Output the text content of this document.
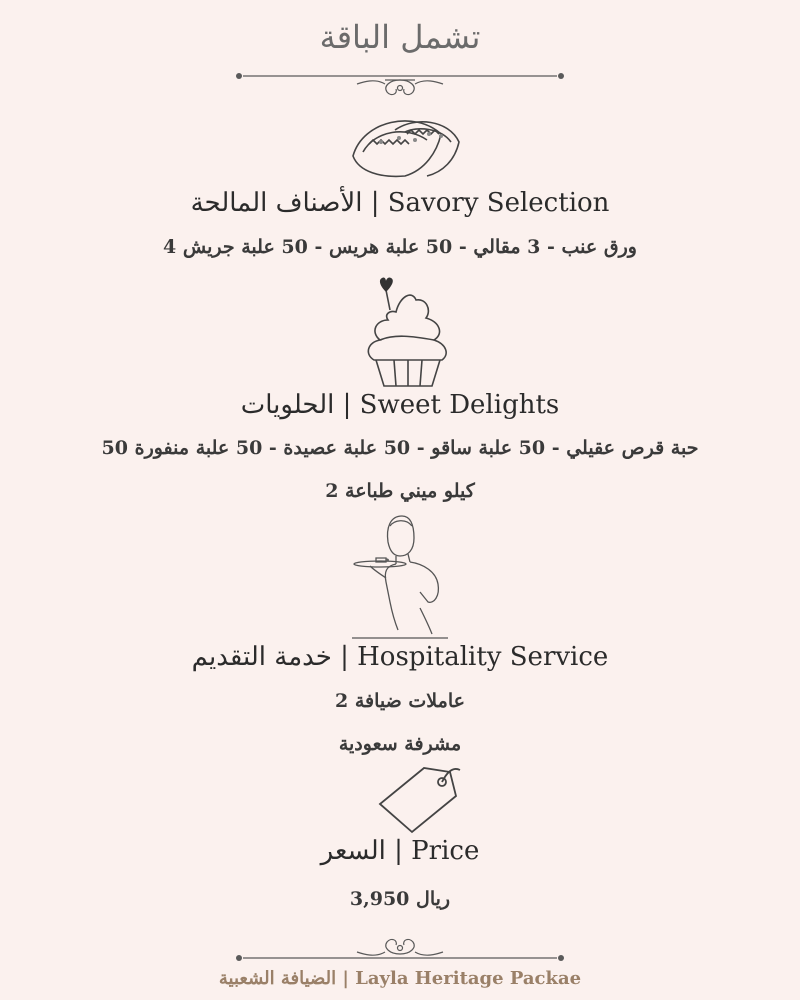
تشمل الباقة
الأصناف المالحة | Savory Selection
4 ورق عنب - 3 مقالي - 50 علبة هريس - 50 علبة جريش
الحلويات | Sweet Delights
50 حبة قرص عقيلي - 50 علبة ساقو - 50 علبة عصيدة - 50 علبة منفورة
2 كيلو ميني طباعة
خدمة التقديم | Hospitality Service
2 عاملات ضيافة
مشرفة سعودية
السعر | Price
3,950 ريال
الضيافة الشعبية | Layla Heritage Packae
